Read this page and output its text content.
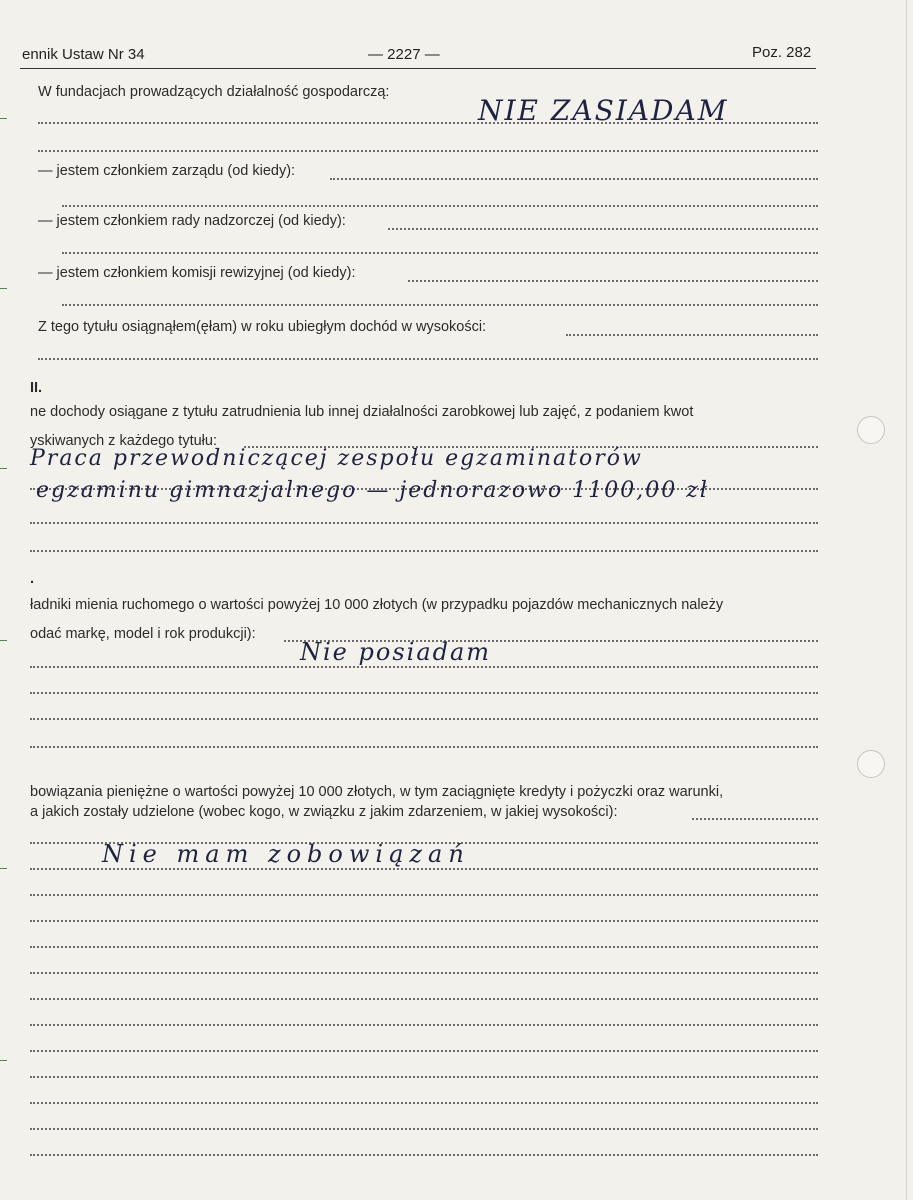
ennik Ustaw Nr 34	— 2227 —	Poz. 282
W fundacjach prowadzących działalność gospodarczą:
NIE ZASIADAM
— jestem członkiem zarządu (od kiedy):
— jestem członkiem rady nadzorczej (od kiedy):
— jestem członkiem komisji rewizyjnej (od kiedy):
Z tego tytułu osiągnąłem(ęłam) w roku ubiegłym dochód w wysokości:
II.
ne dochody osiągane z tytułu zatrudnienia lub innej działalności zarobkowej lub zajęć, z podaniem kwot
yskiwanych z każdego tytułu:
Praca przewodniczącej zespołu egzaminatorów
egzaminu gimnazjalnego — jednorazowo 1100,00 zł
.
ładniki mienia ruchomego o wartości powyżej 10 000 złotych (w przypadku pojazdów mechanicznych należy
odać markę, model i rok produkcji):
Nie posiadam
bowiązania pieniężne o wartości powyżej 10 000 złotych, w tym zaciągnięte kredyty i pożyczki oraz warunki,
a jakich zostały udzielone (wobec kogo, w związku z jakim zdarzeniem, w jakiej wysokości):
Nie mam zobowiązań
